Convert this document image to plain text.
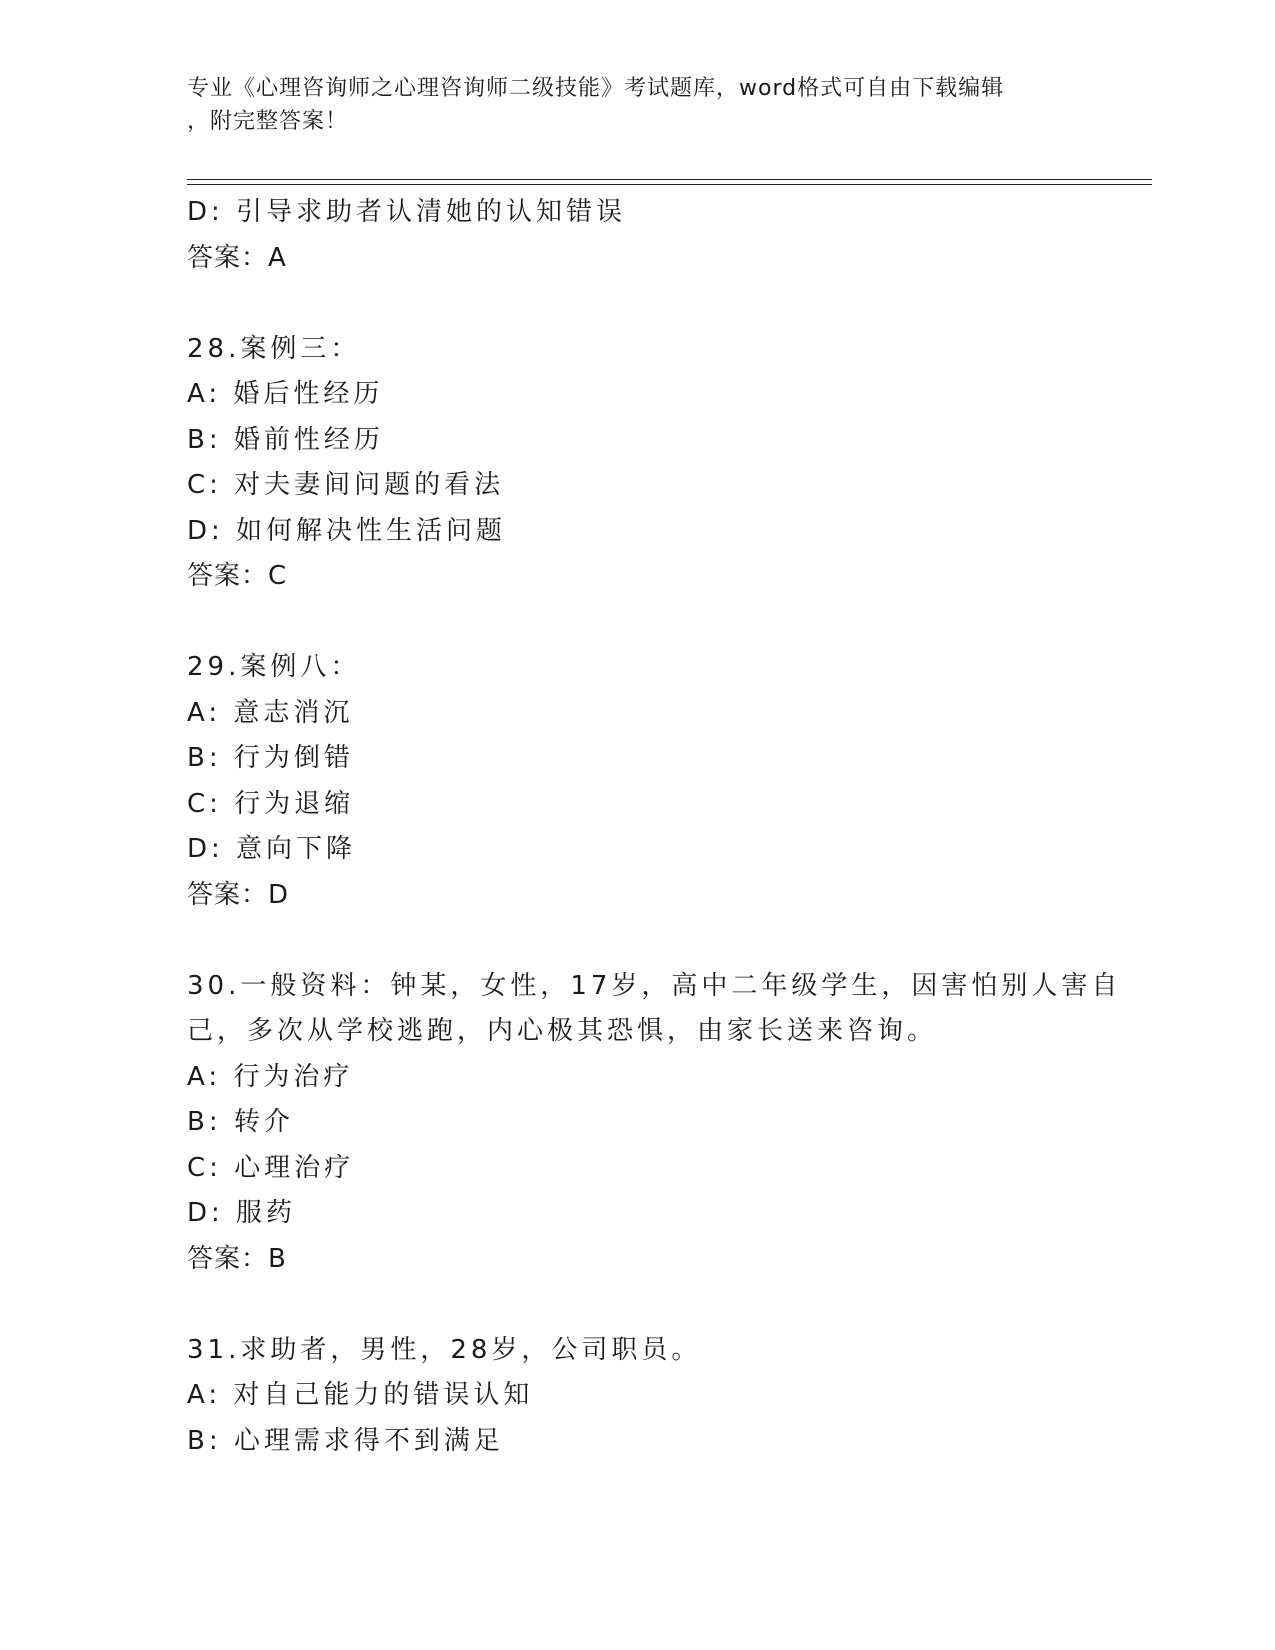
专业《心理咨询师之心理咨询师二级技能》考试题库，word格式可自由下载编辑
，附完整答案！
D: 引导求助者认清她的认知错误
答案：A
28.案例三：
A: 婚后性经历
B: 婚前性经历
C: 对夫妻间问题的看法
D: 如何解决性生活问题
答案：C
29.案例八：
A: 意志消沉
B: 行为倒错
C: 行为退缩
D: 意向下降
答案：D
30.一般资料：钟某，女性，17岁，高中二年级学生，因害怕别人害自
己，多次从学校逃跑，内心极其恐惧，由家长送来咨询。
A: 行为治疗
B: 转介
C: 心理治疗
D: 服药
答案：B
31.求助者，男性，28岁，公司职员。
A: 对自己能力的错误认知
B: 心理需求得不到满足
